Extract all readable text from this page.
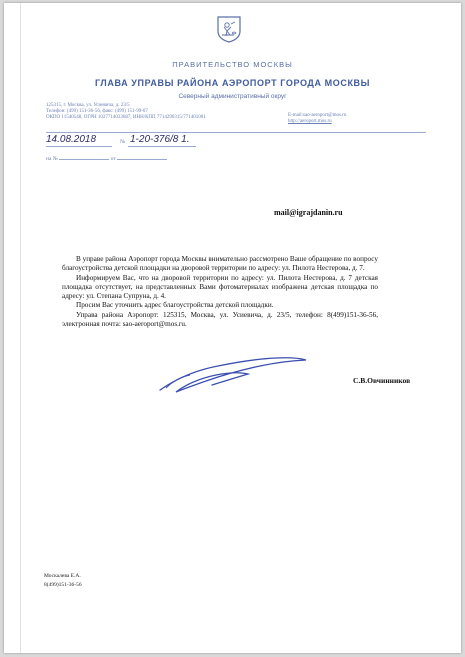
ПРАВИТЕЛЬСТВО МОСКВЫ
ГЛАВА УПРАВЫ РАЙОНА АЭРОПОРТ ГОРОДА МОСКВЫ
Северный административный округ
125315, г. Москва, ул. Усиевича, д. 23/5
Телефон: (499) 151-36-56, факс: (499) 151-99-07
ОКПО 11540548, ОГРН 1027714033687, ИНН/КПП 7714290315/771401001	E-mail:sao-aeroport@mos.ru
http://aeroport.mos.ru
14.08.2018	№ 1-20-376/8 1.
на №	от
mail@igrajdanin.ru

В управе района Аэропорт города Москвы внимательно рассмотрено Ваше обращение по вопросу благоустройства детской площадки на дворовой территории по адресу: ул. Пилота Нестерова, д. 7.

Информируем Вас, что на дворовой территории по адресу: ул. Пилота Нестерова, д. 7 детская площадка отсутствует, на представленных Вами фотоматериалах изображена детская площадка по адресу: ул. Степана Супруна, д. 4.

Просим Вас уточнить адрес благоустройства детской площадки.

Управа района Аэропорт: 125315, Москва, ул. Усиевича, д. 23/5, телефон: 8(499)151-36-56, электронная почта: sao-aeroport@mos.ru.

С.В.Овчинников
Москалева Е.А.
8(499)151-36-56
